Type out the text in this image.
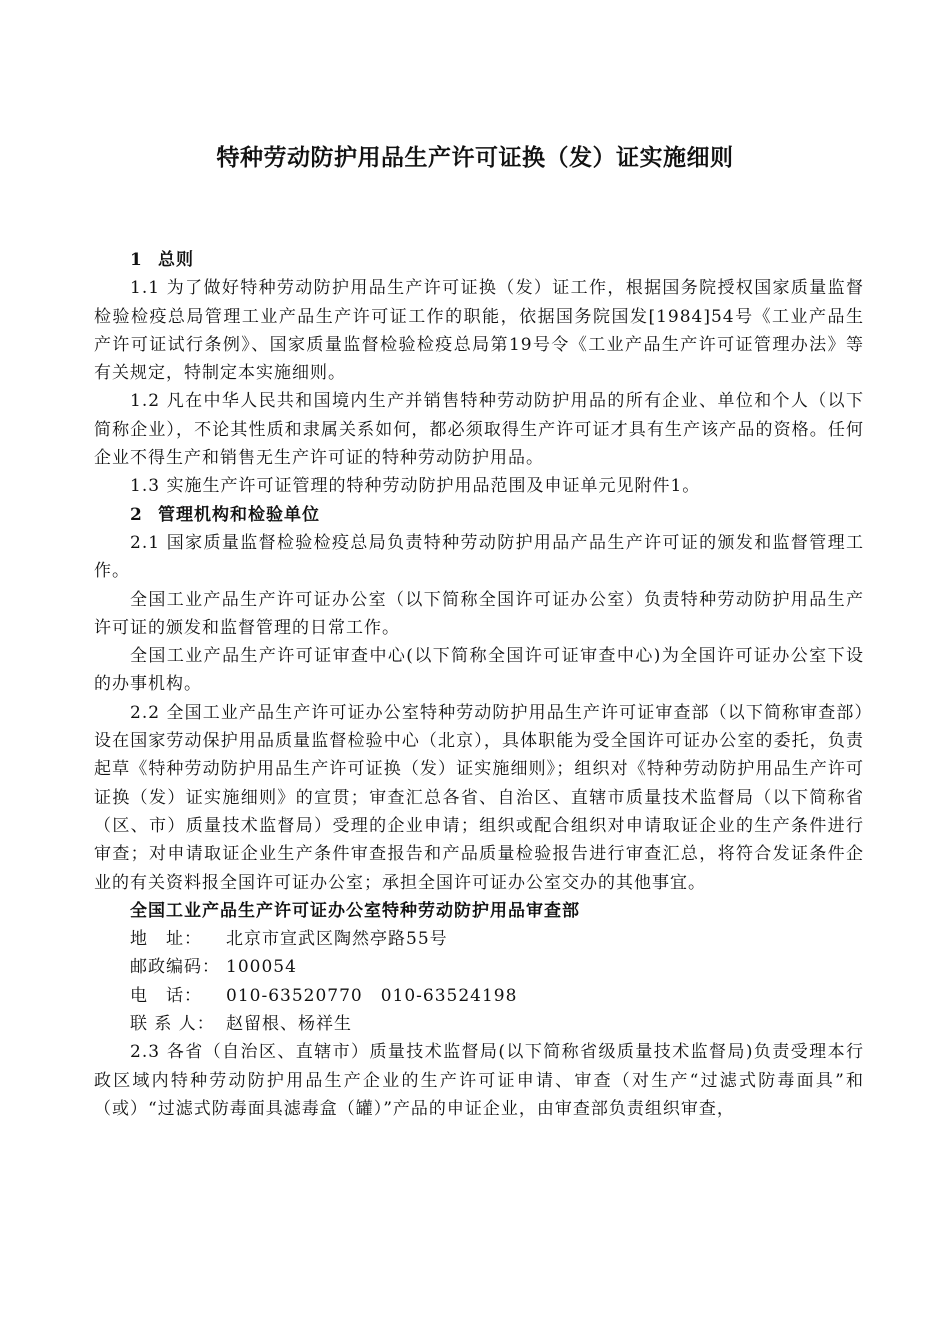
特种劳动防护用品生产许可证换（发）证实施细则

1 总则

1.1 为了做好特种劳动防护用品生产许可证换（发）证工作，根据国务院授权国家质量监督检验检疫总局管理工业产品生产许可证工作的职能，依据国务院国发[1984]54号《工业产品生产许可证试行条例》、国家质量监督检验检疫总局第19号令《工业产品生产许可证管理办法》等有关规定，特制定本实施细则。

1.2 凡在中华人民共和国境内生产并销售特种劳动防护用品的所有企业、单位和个人（以下简称企业），不论其性质和隶属关系如何，都必须取得生产许可证才具有生产该产品的资格。任何企业不得生产和销售无生产许可证的特种劳动防护用品。

1.3 实施生产许可证管理的特种劳动防护用品范围及申证单元见附件1。

2 管理机构和检验单位

2.1 国家质量监督检验检疫总局负责特种劳动防护用品产品生产许可证的颁发和监督管理工作。

全国工业产品生产许可证办公室（以下简称全国许可证办公室）负责特种劳动防护用品生产许可证的颁发和监督管理的日常工作。

全国工业产品生产许可证审查中心(以下简称全国许可证审查中心)为全国许可证办公室下设的办事机构。

2.2 全国工业产品生产许可证办公室特种劳动防护用品生产许可证审查部（以下简称审查部）设在国家劳动保护用品质量监督检验中心（北京），具体职能为受全国许可证办公室的委托，负责起草《特种劳动防护用品生产许可证换（发）证实施细则》；组织对《特种劳动防护用品生产许可证换（发）证实施细则》的宣贯；审查汇总各省、自治区、直辖市质量技术监督局（以下简称省（区、市）质量技术监督局）受理的企业申请；组织或配合组织对申请取证企业的生产条件进行审查；对申请取证企业生产条件审查报告和产品质量检验报告进行审查汇总，将符合发证条件企业的有关资料报全国许可证办公室；承担全国许可证办公室交办的其他事宜。

全国工业产品生产许可证办公室特种劳动防护用品审查部

地　址： 北京市宣武区陶然亭路55号

邮政编码： 100054

电　话： 010-63520770　010-63524198

联 系 人： 赵留根、杨祥生

2.3 各省（自治区、直辖市）质量技术监督局(以下简称省级质量技术监督局)负责受理本行政区域内特种劳动防护用品生产企业的生产许可证申请、审查（对生产“过滤式防毒面具”和（或）“过滤式防毒面具滤毒盒（罐）”产品的申证企业，由审查部负责组织审查，
